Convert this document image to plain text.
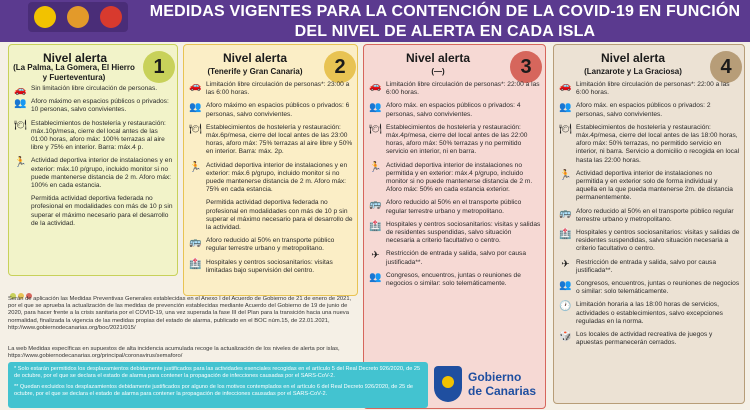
MEDIDAS VIGENTES PARA LA CONTENCIÓN DE LA COVID-19 EN FUNCIÓN
DEL NIVEL DE ALERTA EN CADA ISLA
Nivel alerta
(La Palma, La Gomera, El Hierro y Fuerteventura)	1
🚗 Sin limitación libre circulación de personas.
👥 Aforo máximo en espacios públicos o privados: 10 personas, salvo convivientes.
🍽 Establecimientos de hostelería y restauración: máx.10p/mesa, cierre del local antes de las 01:00 horas, aforo máx: 100% terrazas al aire libre y 75% en interior. Barra: máx.4 p.
🏃 Actividad deportiva interior de instalaciones y en exterior: máx.10 p/grupo, incluido monitor si no puede mantenerse distancia de 2 m. Aforo máx: 100% en cada estancia.
Permitida actividad deportiva federada no profesional en modalidades con más de 10 p sin superar el máximo necesario para el desarrollo de la actividad.
Nivel alerta
(Tenerife y Gran Canaria)	2
🚗 Limitación libre circulación de personas*: 23:00 a las 6:00 horas.
👥 Aforo máximo en espacios públicos o privados: 6 personas, salvo convivientes.
🍽 Establecimientos de hostelería y restauración: máx.6p/mesa, cierre del local antes de las 23:00 horas, aforo máx: 75% terrazas al aire libre y 50% en interior. Barra: máx. 2p.
🏃 Actividad deportiva interior de instalaciones y en exterior: máx.6 p/grupo, incluido monitor si no puede mantenerse distancia de 2 m. Aforo máx: 75% en cada estancia.
Permitida actividad deportiva federada no profesional en modalidades con más de 10 p sin superar el máximo necesario para el desarrollo de la actividad.
🚌 Aforo reducido al 50% en transporte público regular terrestre urbano y metropolitano.
🏥 Hospitales y centros sociosanitarios: visitas limitadas bajo supervisión del centro.
Nivel alerta
(—)	3
🚗 Limitación libre circulación de personas*: 22:00 a las 6:00 horas.
👥 Aforo máx. en espacios públicos o privados: 4 personas, salvo convivientes.
🍽 Establecimientos de hostelería y restauración: máx.4p/mesa, cierre del local antes de las 22:00 horas, aforo máx: 50% terrazas y no permitido servicio en interior, ni en barra.
🏃 Actividad deportiva interior de instalaciones no permitida y en exterior: máx.4 p/grupo, incluido monitor si no puede mantenerse distancia de 2 m. Aforo máx: 50% en cada estancia exterior.
🚌 Aforo reducido al 50% en el transporte público regular terrestre urbano y metropolitano.
🏥 Hospitales y centros sociosanitarios: visitas y salidas de residentes suspendidas, salvo situación necesaria a criterio facultativo o centro.
✈ Restricción de entrada y salida, salvo por causa justificada**.
👥 Congresos, encuentros, juntas o reuniones de negocios o similar: solo telemáticamente.
Nivel alerta
(Lanzarote y La Graciosa)	4
🚗 Limitación libre circulación de personas*: 22:00 a las 6:00 horas.
👥 Aforo máx. en espacios públicos o privados: 2 personas, salvo convivientes.
🍽 Establecimientos de hostelería y restauración: máx.4p/mesa, cierre del local antes de las 18:00 horas, aforo máx: 50% terrazas, no permitido servicio en interior, ni barra. Servicio a domicilio o recogida en local hasta las 22:00 horas.
🏃 Actividad deportiva interior de instalaciones no permitida y en exterior solo de forma individual y aquella en la que pueda mantenerse 2m. de distancia permanentemente.
🚌 Aforo reducido al 50% en el transporte público regular terrestre urbano y metropolitano.
🏥 Hospitales y centros sociosanitarios: visitas y salidas de residentes suspendidas, salvo situación necesaria a criterio facultativo o centro.
✈ Restricción de entrada y salida, salvo por causa justificada**.
👥 Congresos, encuentros, juntas o reuniones de negocios o similar: solo telemáticamente.
🕐 Limitación horaria a las 18:00 horas de servicios, actividades o establecimientos, salvo excepciones reguladas en la norma.
🎲 Los locales de actividad recreativa de juegos y apuestas permanecerán cerrados.
Serán de aplicación las Medidas Preventivas Generales establecidas en el Anexo I del Acuerdo de Gobierno de 21 de enero de 2021, por el que se aprueba la actualización de las medidas de prevención establecidas mediante Acuerdo del Gobierno de 19 de junio de 2020, para hacer frente a la crisis sanitaria por el COVID-19, una vez superada la fase III del Plan para la transición hacia una nueva normalidad, finalizada la vigencia de las medidas propias del estado de alarma, publicado en el BOC núm.15, de 22.01.2021, http://www.gobiernodecanarias.org/boc/2021/015/
La web Medidas específicas en supuestos de alta incidencia acumulada recoge la actualización de los niveles de alerta por islas, https://www.gobiernodecanarias.org/principal/coronavirus/semaforo/

* Solo estarán permitidos los desplazamientos debidamente justificados para las actividades esenciales recogidas en el artículo 5 del Real Decreto 926/2020, de 25 de octubre, por el que se declara el estado de alarma para contener la propagación de infecciones causadas por el SARS-CoV-2.

** Quedan excluidos los desplazamientos debidamente justificados por alguno de los motivos contemplados en el artículo 6 del Real Decreto 926/2020, de 25 de octubre, por el que se declara el estado de alarma para contener la propagación de infecciones causadas por el SARS-CoV-2.

Gobierno
de Canarias
